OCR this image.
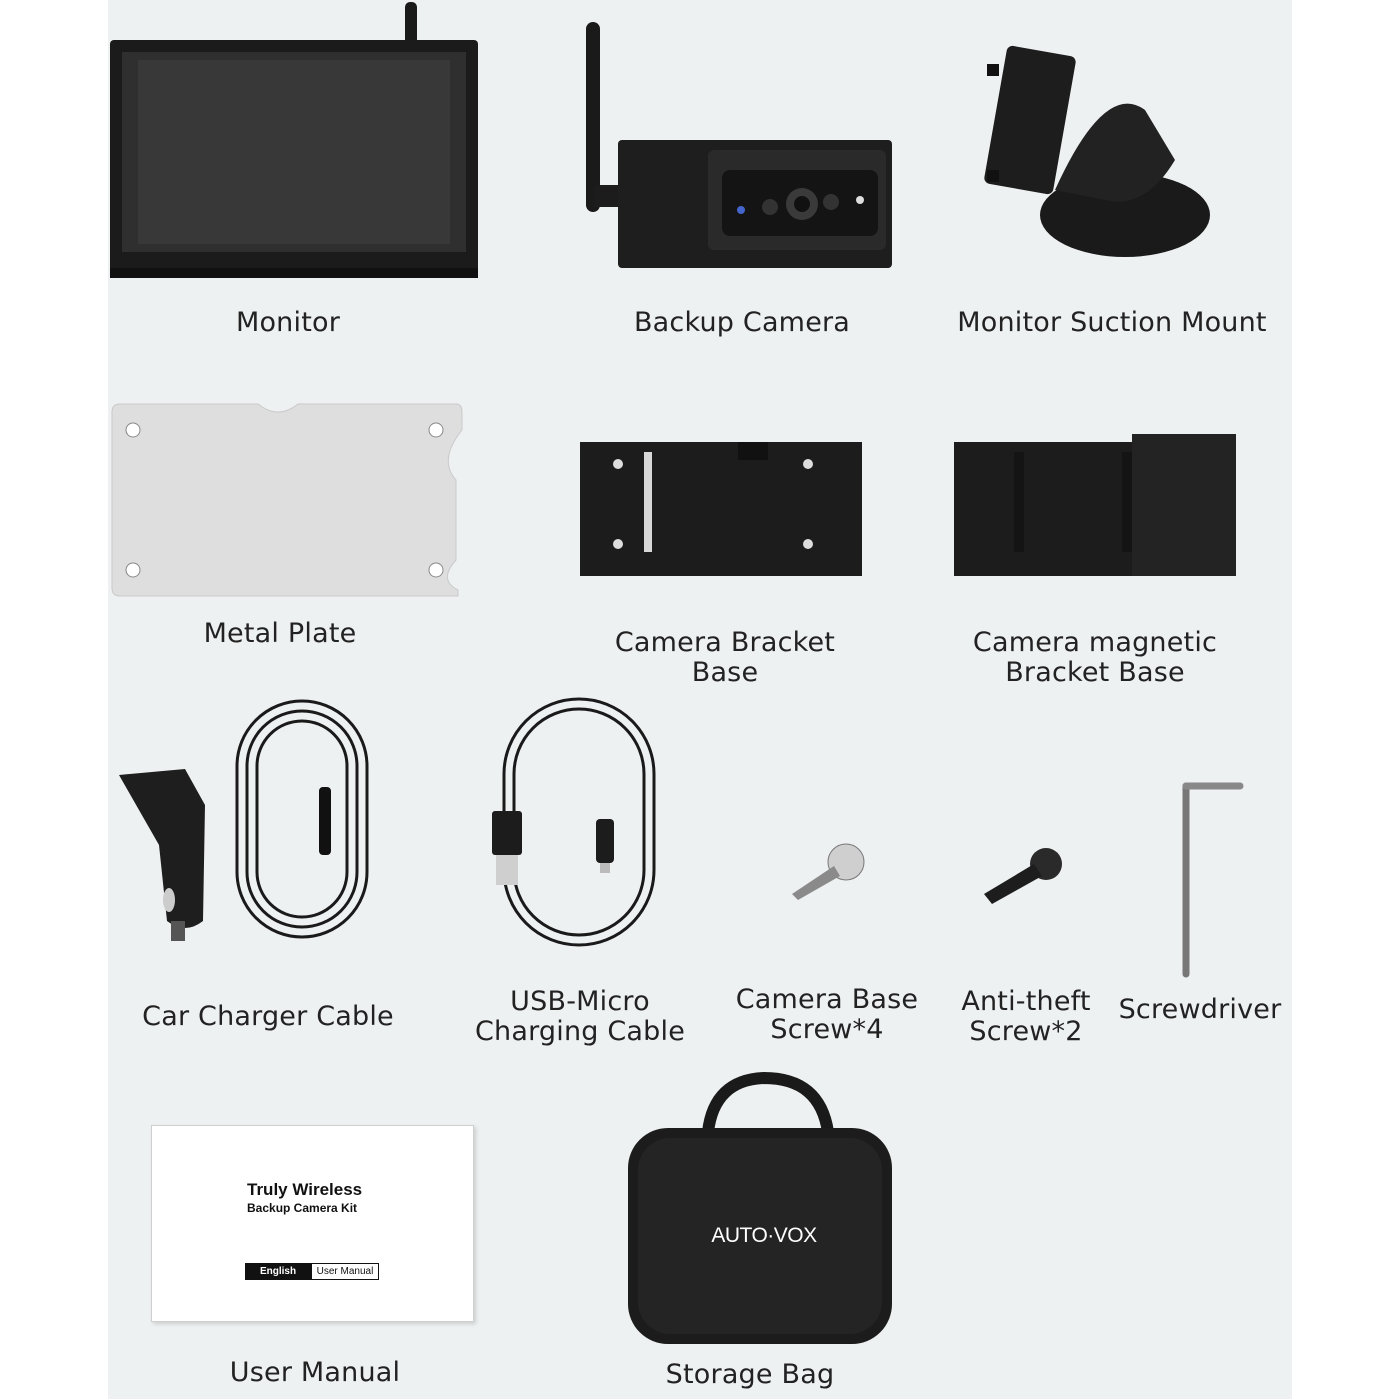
Monitor	Backup Camera	Monitor Suction Mount
Metal Plate	Camera Bracket
Base
Camera magnetic
Bracket Base
Car Charger Cable	USB-Micro
Charging Cable
Camera Base
Screw*4
Anti-theft
Screw*2
Screwdriver
Truly Wireless
Backup Camera Kit
English	User Manual
User Manual
AUTO·VOX
Storage Bag
